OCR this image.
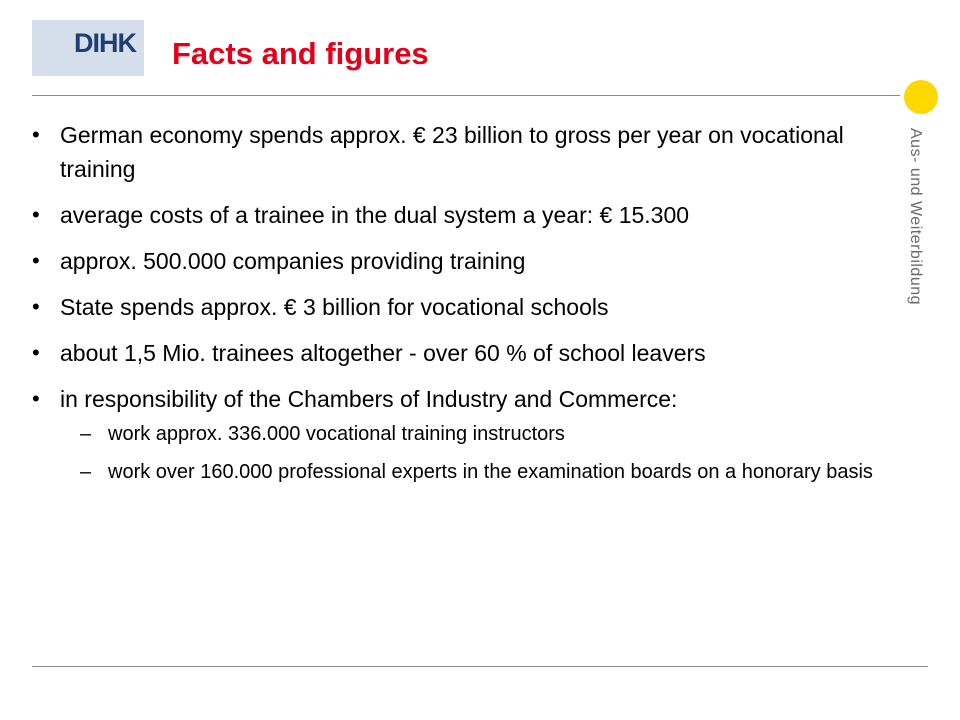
DIHK Facts and figures
Aus- und Weiterbildung
• German economy spends approx. € 23 billion to gross per year on vocational training
• average costs of a trainee in the dual system a year: € 15.300
• approx. 500.000 companies providing training
• State spends approx. € 3 billion for vocational schools
• about 1,5 Mio. trainees altogether - over 60 % of school leavers
• in responsibility of the Chambers of Industry and Commerce:
– work approx. 336.000 vocational training instructors
– work over 160.000 professional experts in the examination boards on a honorary basis
